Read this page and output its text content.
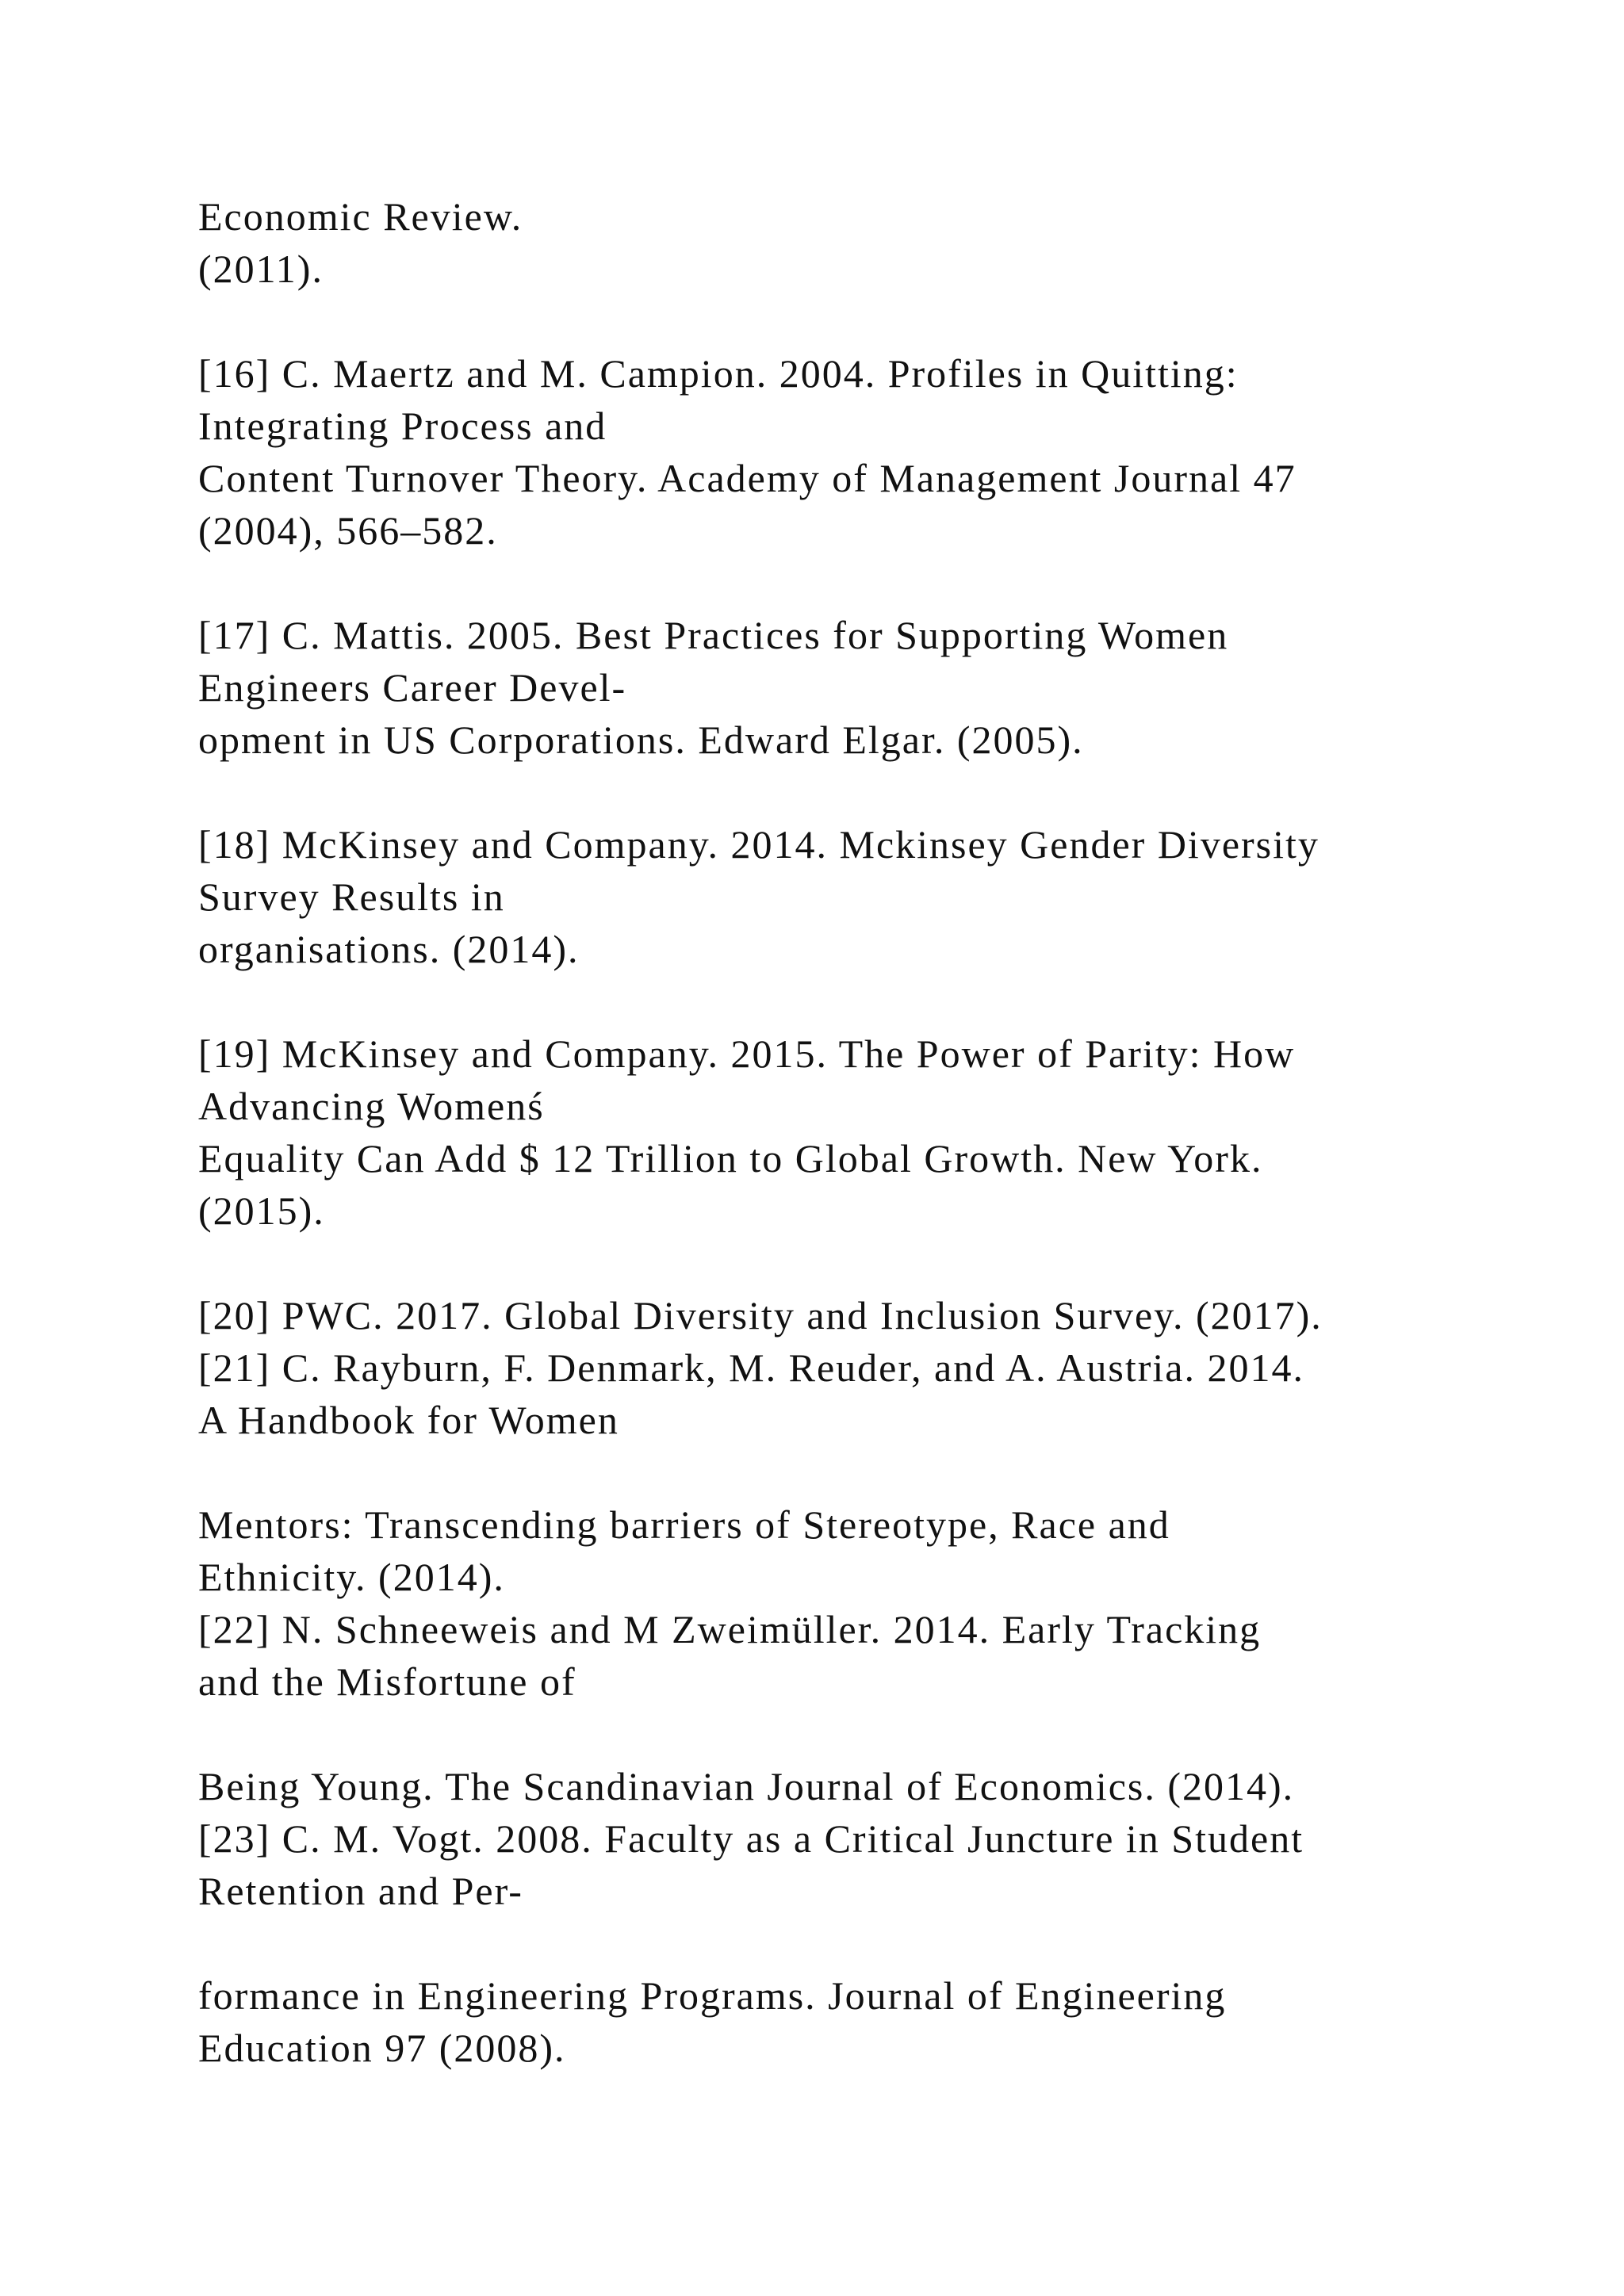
Economic Review.
(2011).
[16] C. Maertz and M. Campion. 2004. Profiles in Quitting:
Integrating Process and
Content Turnover Theory. Academy of Management Journal 47
(2004), 566–582.
[17] C. Mattis. 2005. Best Practices for Supporting Women
Engineers Career Devel-
opment in US Corporations. Edward Elgar. (2005).
[18] McKinsey and Company. 2014. Mckinsey Gender Diversity
Survey Results in
organisations. (2014).
[19] McKinsey and Company. 2015. The Power of Parity: How
Advancing Womenś
Equality Can Add $ 12 Trillion to Global Growth. New York.
(2015).
[20] PWC. 2017. Global Diversity and Inclusion Survey. (2017).
[21] C. Rayburn, F. Denmark, M. Reuder, and A. Austria. 2014.
A Handbook for Women
Mentors: Transcending barriers of Stereotype, Race and
Ethnicity. (2014).
[22] N. Schneeweis and M Zweimüller. 2014. Early Tracking
and the Misfortune of
Being Young. The Scandinavian Journal of Economics. (2014).
[23] C. M. Vogt. 2008. Faculty as a Critical Juncture in Student
Retention and Per-
formance in Engineering Programs. Journal of Engineering
Education 97 (2008).
